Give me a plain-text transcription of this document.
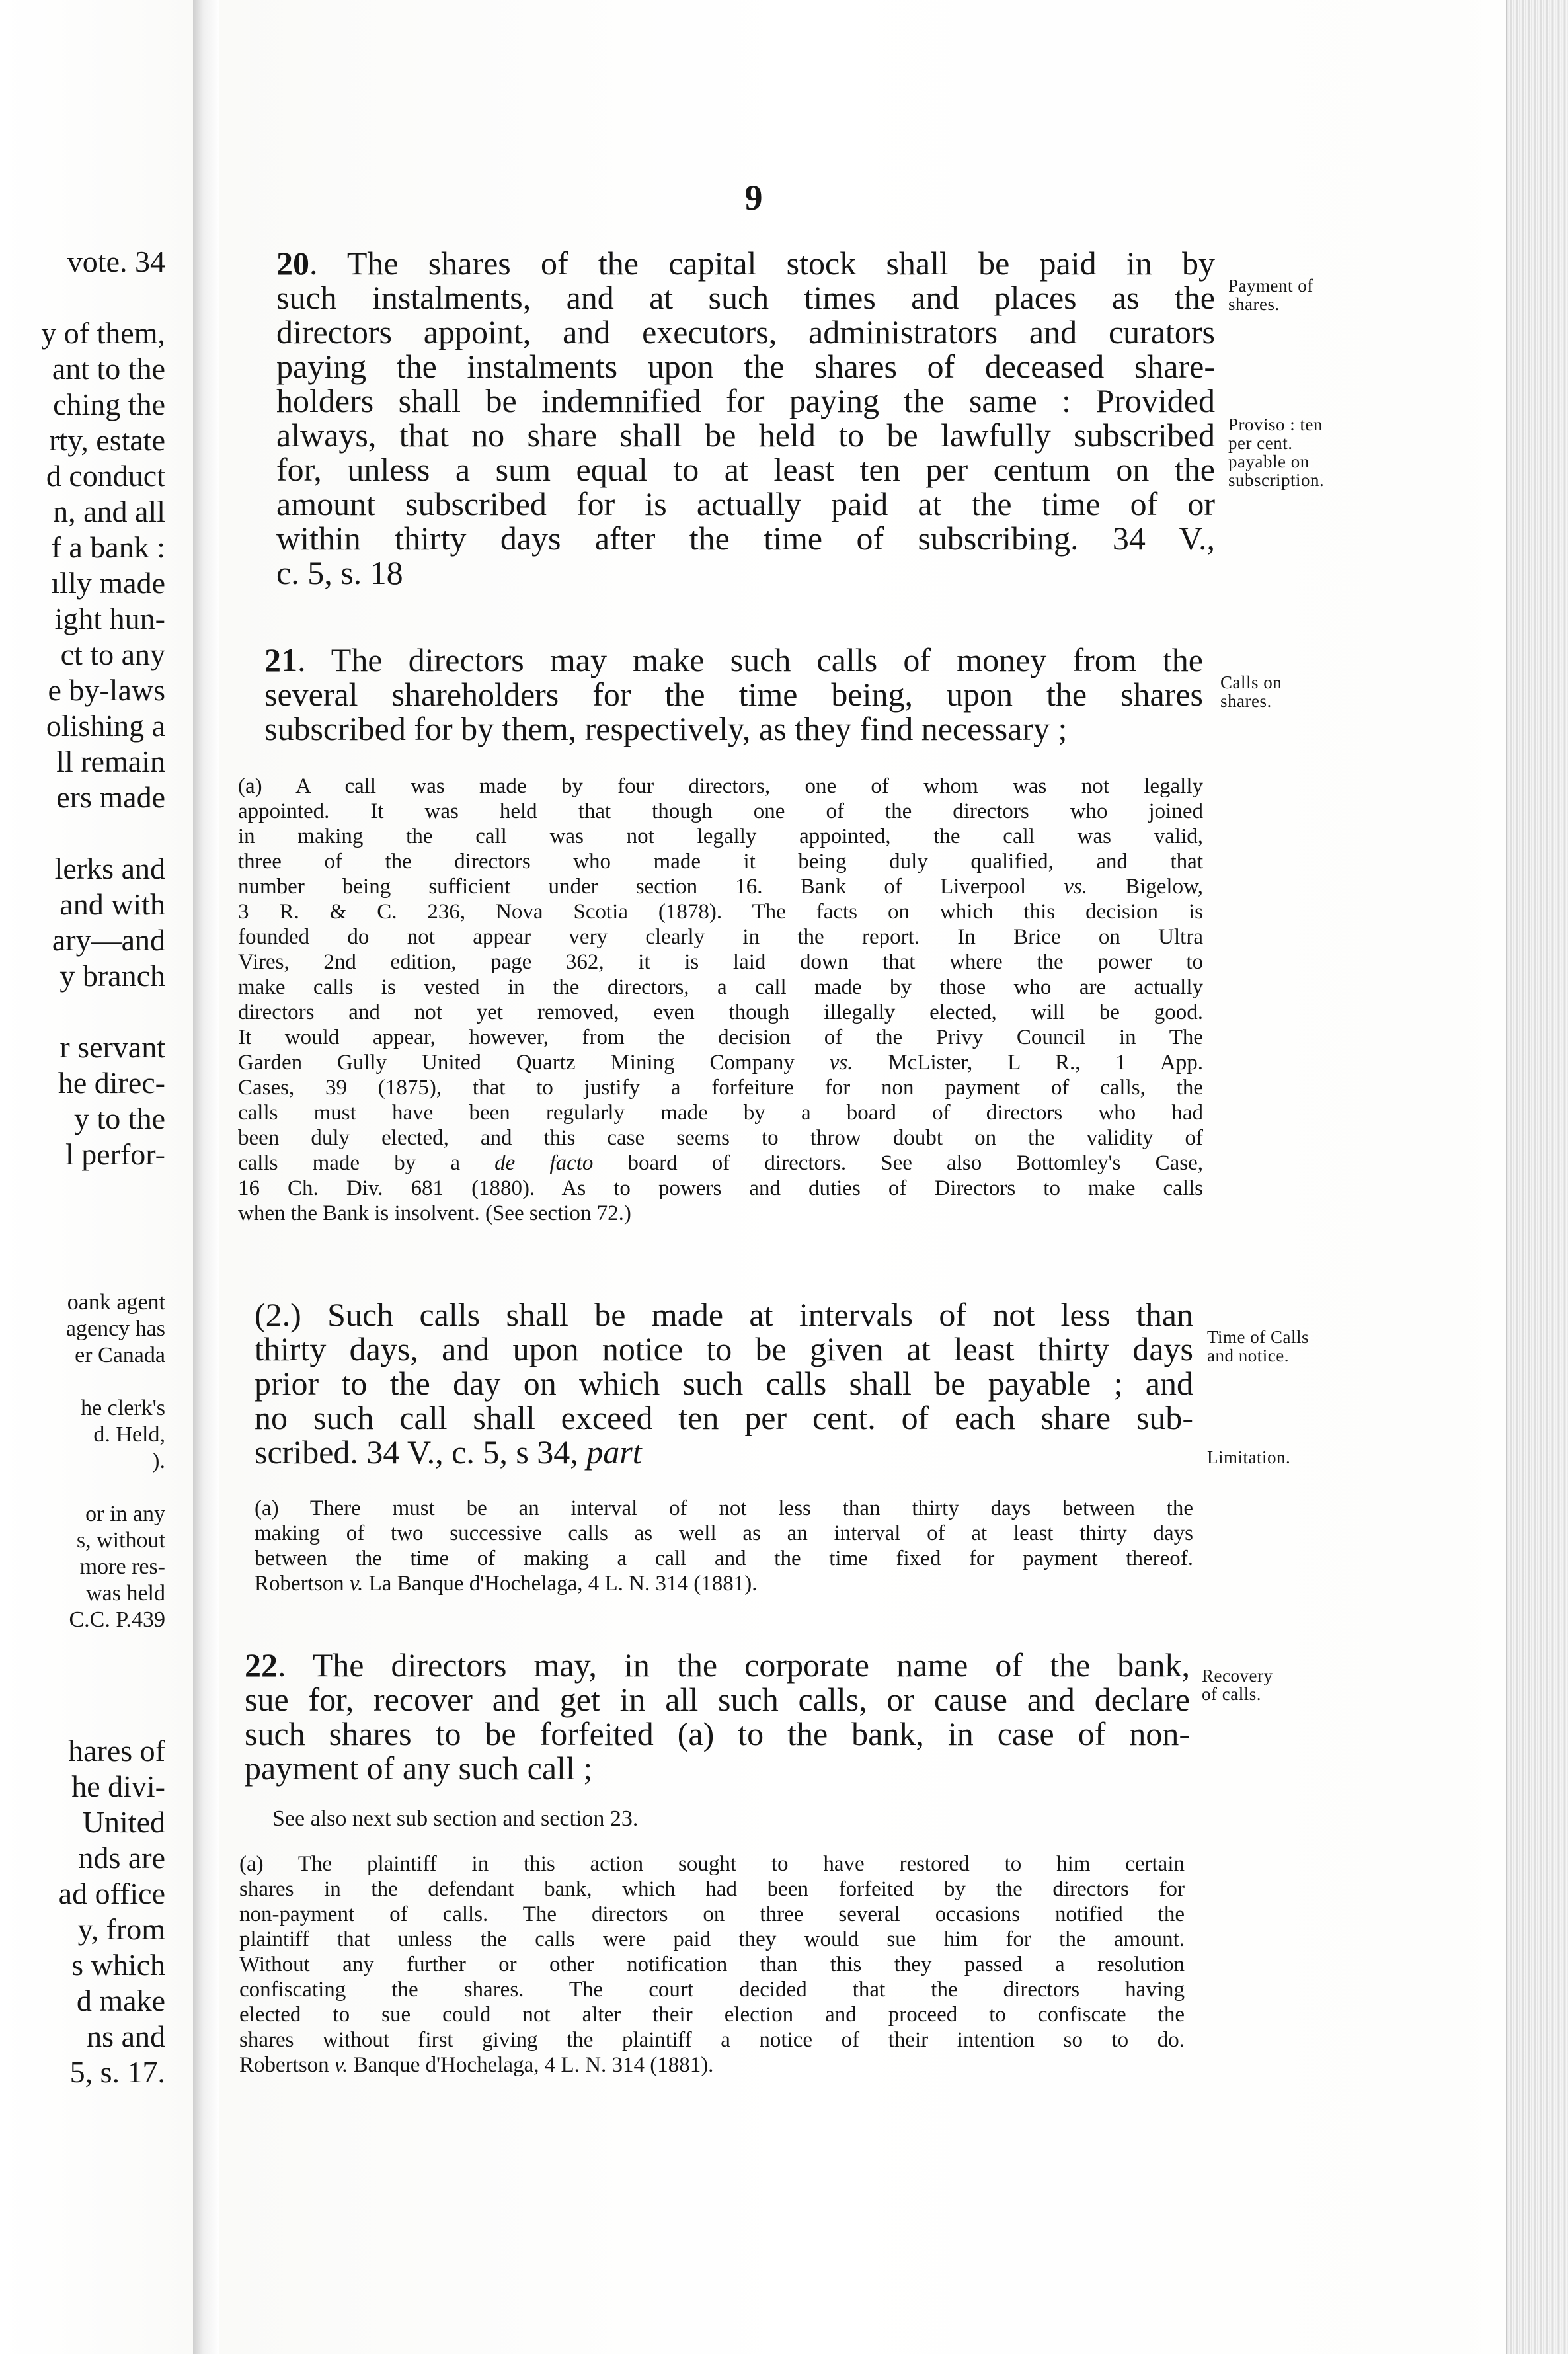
vote. 34
y of them,
ant to the
ching the
rty, estate
d conduct
n, and all
f a bank :
ılly made
ight hun-
ct to any
e by-laws
olishing a
ll remain
ers made
lerks and
and with
ary—and
y branch
r servant
he direc-
y to the
l perfor-
oank agent
agency has
er Canada
he clerk's
d. Held,
).
or in any
s, without
more res-
was held
C.C. P.439
hares of
he divi-
United
nds are
ad office
y, from
s which
d make
ns and
5, s. 17.
9
20. The shares of the capital stock shall be paid in by
such instalments, and at such times and places as the
directors appoint, and executors, administrators and curators
paying the instalments upon the shares of deceased share-
holders shall be indemnified for paying the same : Provided
always, that no share shall be held to be lawfully subscribed
for, unless a sum equal to at least ten per centum on the
amount subscribed for is actually paid at the time of or
within thirty days after the time of subscribing. 34 V.,
c. 5, s. 18
Payment of
shares.
Proviso : ten
per cent.
payable on
subscription.
21. The directors may make such calls of money from the
several shareholders for the time being, upon the shares
subscribed for by them, respectively, as they find necessary ;
Calls on
shares.
(a) A call was made by four directors, one of whom was not legally
appointed. It was held that though one of the directors who joined
in making the call was not legally appointed, the call was valid,
three of the directors who made it being duly qualified, and that
number being sufficient under section 16. Bank of Liverpool vs. Bigelow,
3 R. & C. 236, Nova Scotia (1878). The facts on which this decision is
founded do not appear very clearly in the report. In Brice on Ultra
Vires, 2nd edition, page 362, it is laid down that where the power to
make calls is vested in the directors, a call made by those who are actually
directors and not yet removed, even though illegally elected, will be good.
It would appear, however, from the decision of the Privy Council in The
Garden Gully United Quartz Mining Company vs. McLister, L R., 1 App.
Cases, 39 (1875), that to justify a forfeiture for non payment of calls, the
calls must have been regularly made by a board of directors who had
been duly elected, and this case seems to throw doubt on the validity of
calls made by a de facto board of directors. See also Bottomley's Case,
16 Ch. Div. 681 (1880). As to powers and duties of Directors to make calls
when the Bank is insolvent. (See section 72.)
(2.) Such calls shall be made at intervals of not less than
thirty days, and upon notice to be given at least thirty days
prior to the day on which such calls shall be payable ; and
no such call shall exceed ten per cent. of each share sub-
scribed. 34 V., c. 5, s 34, part
Time of Calls
and notice.
Limitation.
(a) There must be an interval of not less than thirty days between the
making of two successive calls as well as an interval of at least thirty days
between the time of making a call and the time fixed for payment thereof.
Robertson v. La Banque d'Hochelaga, 4 L. N. 314 (1881).
22. The directors may, in the corporate name of the bank,
sue for, recover and get in all such calls, or cause and declare
such shares to be forfeited (a) to the bank, in case of non-
payment of any such call ;
Recovery
of calls.
See also next sub section and section 23.
(a) The plaintiff in this action sought to have restored to him certain
shares in the defendant bank, which had been forfeited by the directors for
non-payment of calls. The directors on three several occasions notified the
plaintiff that unless the calls were paid they would sue him for the amount.
Without any further or other notification than this they passed a resolution
confiscating the shares. The court decided that the directors having
elected to sue could not alter their election and proceed to confiscate the
shares without first giving the plaintiff a notice of their intention so to do.
Robertson v. Banque d'Hochelaga, 4 L. N. 314 (1881).
